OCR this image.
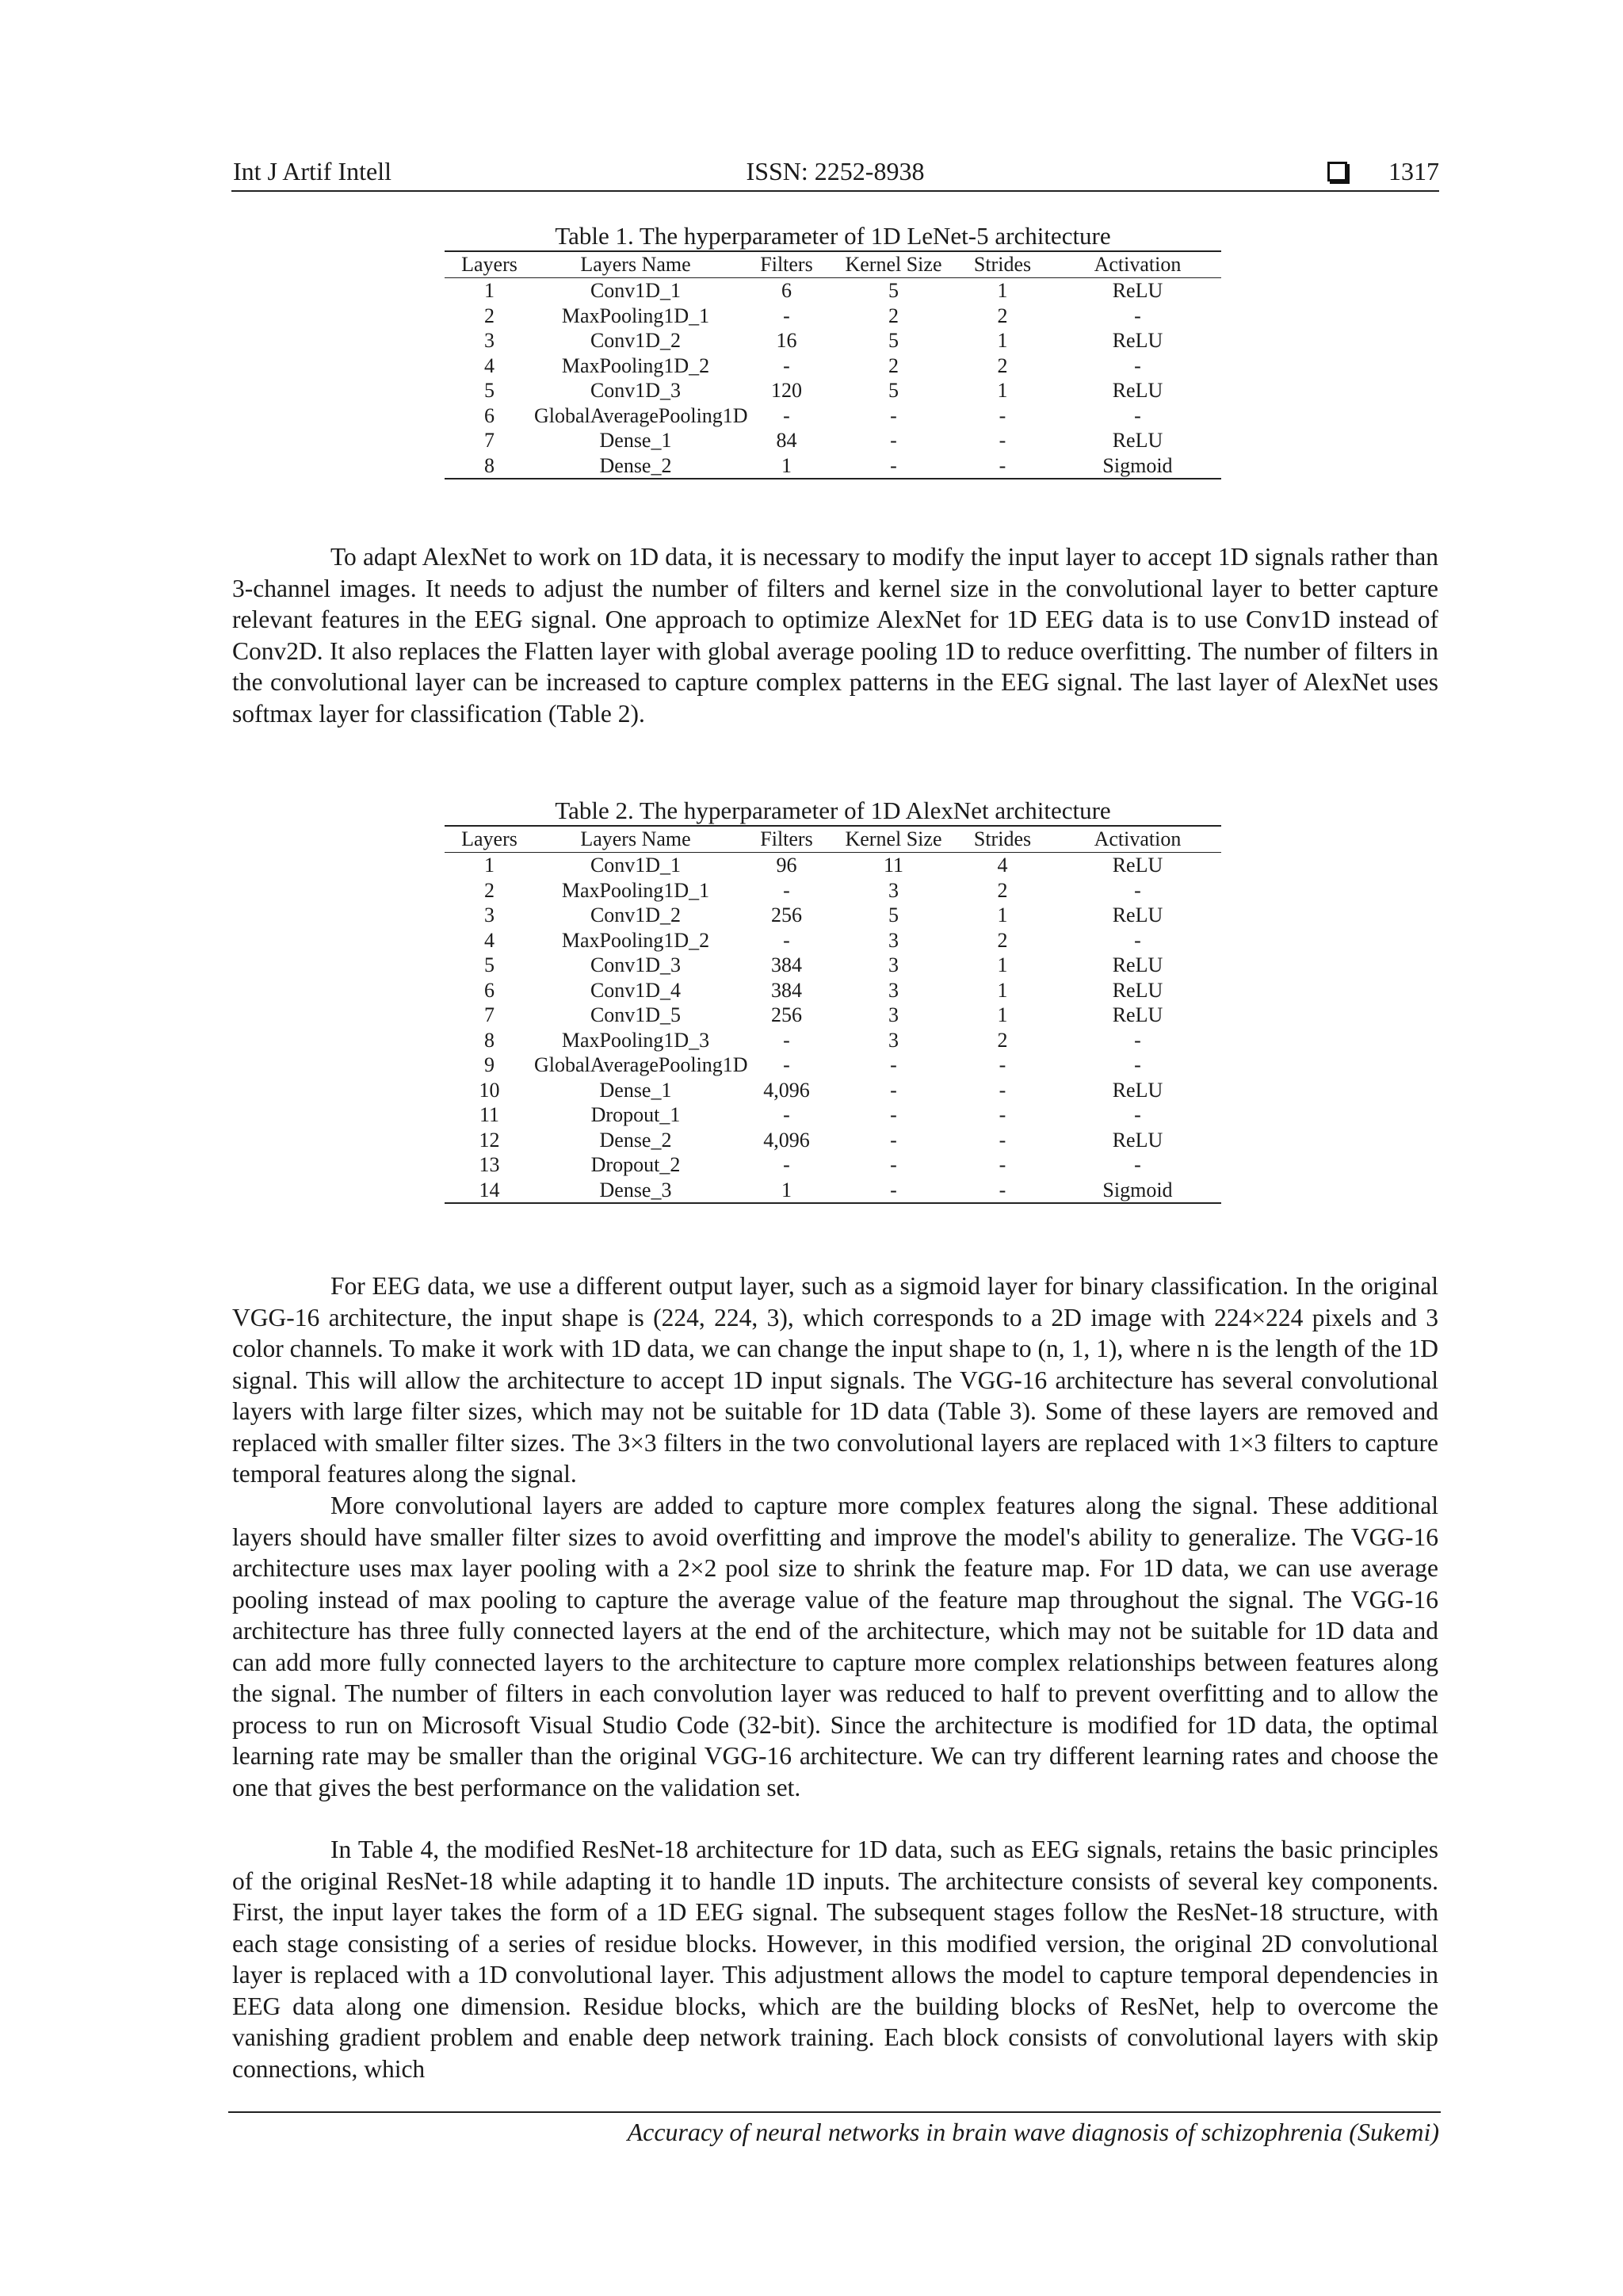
Int J Artif Intell	ISSN: 2252-8938	1317
Table 1. The hyperparameter of 1D LeNet-5 architecture
Layers	Layers Name	Filters	Kernel Size	Strides	Activation
1	Conv1D_1	6	5	1	ReLU
2	MaxPooling1D_1	-	2	2	-
3	Conv1D_2	16	5	1	ReLU
4	MaxPooling1D_2	-	2	2	-
5	Conv1D_3	120	5	1	ReLU
6	GlobalAveragePooling1D	-	-	-	-
7	Dense_1	84	-	-	ReLU
8	Dense_2	1	-	-	Sigmoid

To adapt AlexNet to work on 1D data, it is necessary to modify the input layer to accept 1D signals rather than 3-channel images. It needs to adjust the number of filters and kernel size in the convolutional layer to better capture relevant features in the EEG signal. One approach to optimize AlexNet for 1D EEG data is to use Conv1D instead of Conv2D. It also replaces the Flatten layer with global average pooling 1D to reduce overfitting. The number of filters in the convolutional layer can be increased to capture complex patterns in the EEG signal. The last layer of AlexNet uses softmax layer for classification (Table 2).

Table 2. The hyperparameter of 1D AlexNet architecture
Layers	Layers Name	Filters	Kernel Size	Strides	Activation
1	Conv1D_1	96	11	4	ReLU
2	MaxPooling1D_1	-	3	2	-
3	Conv1D_2	256	5	1	ReLU
4	MaxPooling1D_2	-	3	2	-
5	Conv1D_3	384	3	1	ReLU
6	Conv1D_4	384	3	1	ReLU
7	Conv1D_5	256	3	1	ReLU
8	MaxPooling1D_3	-	3	2	-
9	GlobalAveragePooling1D	-	-	-	-
10	Dense_1	4,096	-	-	ReLU
11	Dropout_1	-	-	-	-
12	Dense_2	4,096	-	-	ReLU
13	Dropout_2	-	-	-	-
14	Dense_3	1	-	-	Sigmoid

For EEG data, we use a different output layer, such as a sigmoid layer for binary classification. In the original VGG-16 architecture, the input shape is (224, 224, 3), which corresponds to a 2D image with 224×224 pixels and 3 color channels. To make it work with 1D data, we can change the input shape to (n, 1, 1), where n is the length of the 1D signal. This will allow the architecture to accept 1D input signals. The VGG-16 architecture has several convolutional layers with large filter sizes, which may not be suitable for 1D data (Table 3). Some of these layers are removed and replaced with smaller filter sizes. The 3×3 filters in the two convolutional layers are replaced with 1×3 filters to capture temporal features along the signal.

More convolutional layers are added to capture more complex features along the signal. These additional layers should have smaller filter sizes to avoid overfitting and improve the model's ability to generalize. The VGG-16 architecture uses max layer pooling with a 2×2 pool size to shrink the feature map. For 1D data, we can use average pooling instead of max pooling to capture the average value of the feature map throughout the signal. The VGG-16 architecture has three fully connected layers at the end of the architecture, which may not be suitable for 1D data and can add more fully connected layers to the architecture to capture more complex relationships between features along the signal. The number of filters in each convolution layer was reduced to half to prevent overfitting and to allow the process to run on Microsoft Visual Studio Code (32-bit). Since the architecture is modified for 1D data, the optimal learning rate may be smaller than the original VGG-16 architecture. We can try different learning rates and choose the one that gives the best performance on the validation set.

In Table 4, the modified ResNet-18 architecture for 1D data, such as EEG signals, retains the basic principles of the original ResNet-18 while adapting it to handle 1D inputs. The architecture consists of several key components. First, the input layer takes the form of a 1D EEG signal. The subsequent stages follow the ResNet-18 structure, with each stage consisting of a series of residue blocks. However, in this modified version, the original 2D convolutional layer is replaced with a 1D convolutional layer. This adjustment allows the model to capture temporal dependencies in EEG data along one dimension. Residue blocks, which are the building blocks of ResNet, help to overcome the vanishing gradient problem and enable deep network training. Each block consists of convolutional layers with skip connections, which

Accuracy of neural networks in brain wave diagnosis of schizophrenia (Sukemi)
